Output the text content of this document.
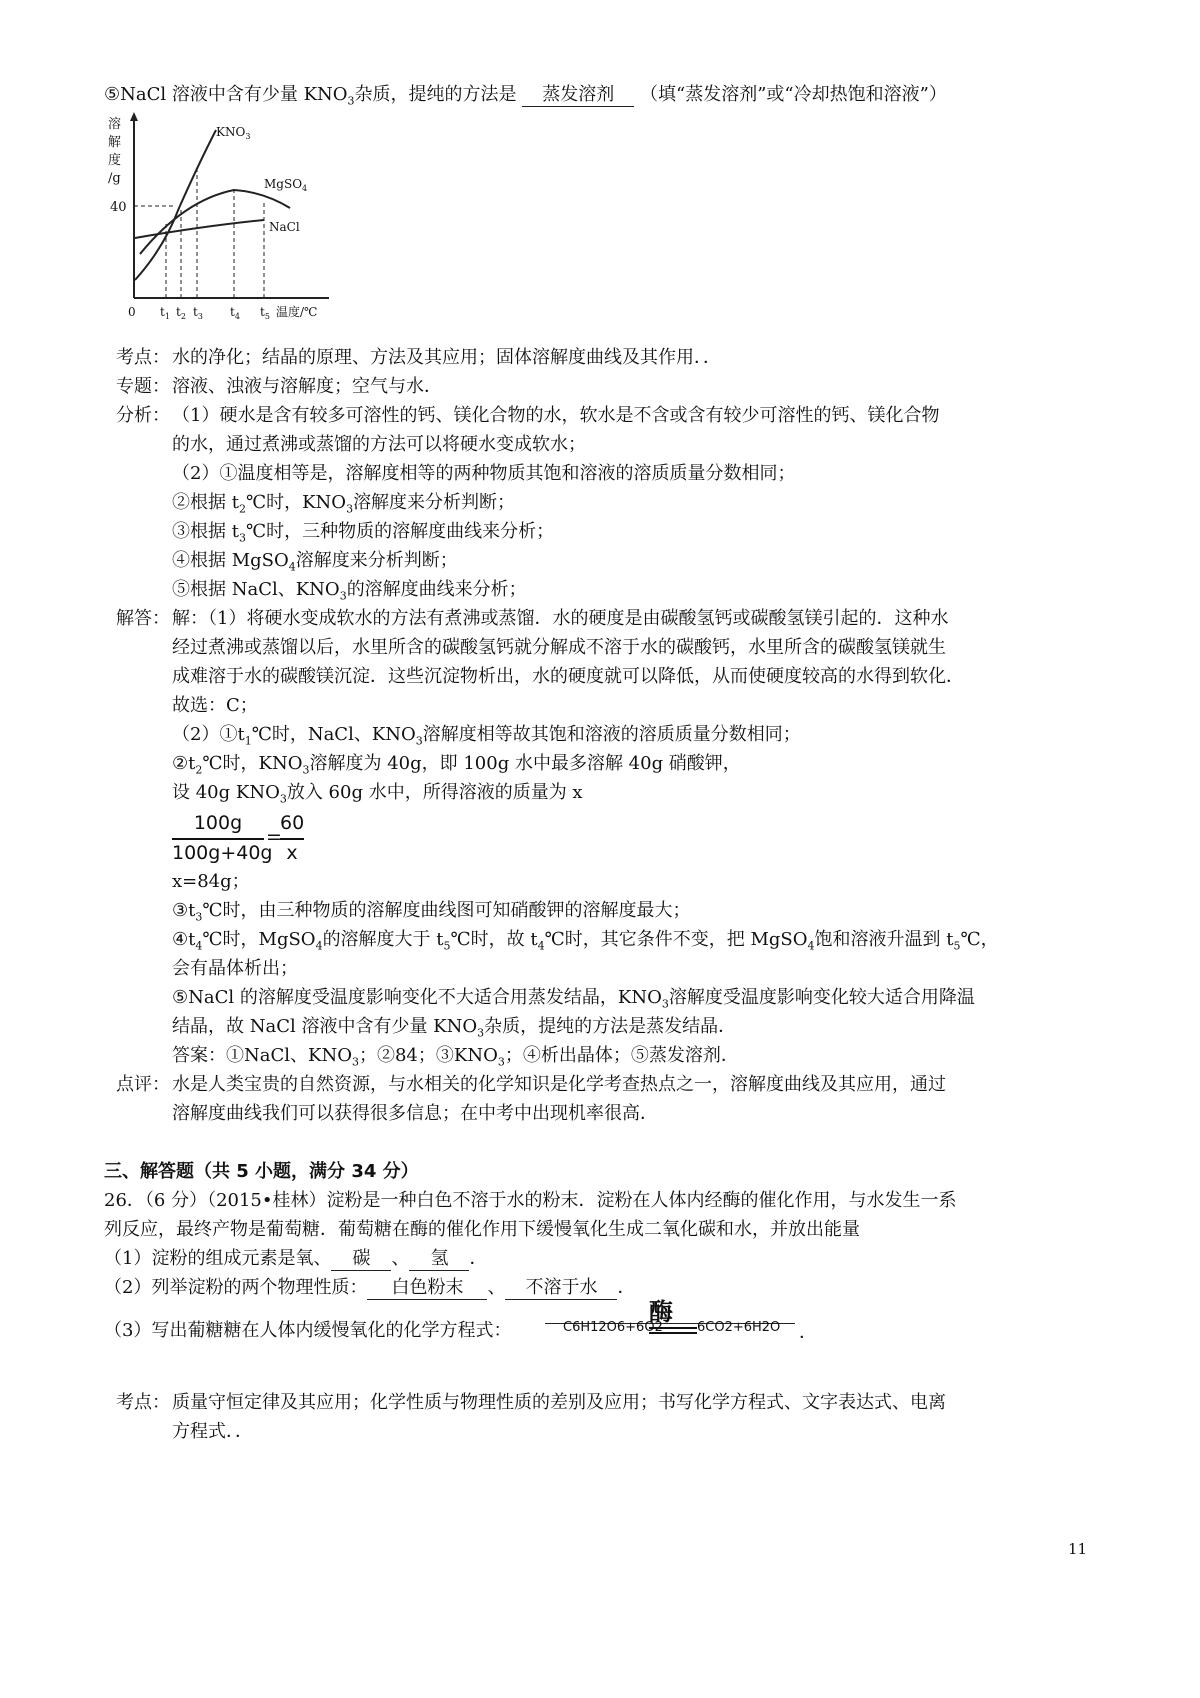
⑤NaCl 溶液中含有少量 $KNO_3$杂质，提纯的方法是 蒸发溶剂 （填“蒸发溶剂”或“冷却热饱和溶液”）
溶
解
度
/g
40
$KNO_3$
MgSO$_4$
NaCl
0 $t_1$ $t_2$ $t_3$ $t_4$ $t_5$ 温度/℃
考点： 水的净化；结晶的原理、方法及其应用；固体溶解度曲线及其作用．．
专题： 溶液、浊液与溶解度；空气与水．
分析： （1）硬水是含有较多可溶性的钙、镁化合物的水，软水是不含或含有较少可溶性的钙、镁化合物
的水，通过煮沸或蒸馏的方法可以将硬水变成软水；
（2）①温度相等是，溶解度相等的两种物质其饱和溶液的溶质质量分数相同；
②根据 $t_2℃$时，$KNO_3$溶解度来分析判断；
③根据 $t_3℃$时，三种物质的溶解度曲线来分析；
④根据 MgSO$_4$溶解度来分析判断；
⑤根据 NaCl、$KNO_3$的溶解度曲线来分析；
解答： 解：（1）将硬水变成软水的方法有煮沸或蒸馏．水的硬度是由碳酸氢钙或碳酸氢镁引起的．这种水
经过煮沸或蒸馏以后，水里所含的碳酸氢钙就分解成不溶于水的碳酸钙，水里所含的碳酸氢镁就生
成难溶于水的碳酸镁沉淀．这些沉淀物析出，水的硬度就可以降低，从而使硬度较高的水得到软化．
故选：C；
$(2)①t_1℃$时，NaCl、$KNO_3$溶解度相等故其饱和溶液的溶质质量分数相同；
$②t_2℃$时，$KNO_3$溶解度为 40g，即 100g 水中最多溶解 40g 硝酸钾，
设 40g $KNO_3$放入 60g 水中，所得溶液的质量为 x
100g
100g+40g
=
60
x
x=84g；
$③t_3℃$时，由三种物质的溶解度曲线图可知硝酸钾的溶解度最大；
$④t_4℃$时，MgSO$_4$的溶解度大于 $t_5℃$时，故 $t_4℃$时，其它条件不变，把 MgSO$_4$饱和溶液升温到 $t_5℃$，
会有晶体析出；
⑤NaCl 的溶解度受温度影响变化不大适合用蒸发结晶，$KNO_3$溶解度受温度影响变化较大适合用降温
结晶，故 NaCl 溶液中含有少量 $KNO_3$杂质，提纯的方法是蒸发结晶．
答案：①NaCl、$KNO_3$；②84；$③KNO_3$；④析出晶体；⑤蒸发溶剂．
点评： 水是人类宝贵的自然资源，与水相关的化学知识是化学考查热点之一，溶解度曲线及其应用，通过
溶解度曲线我们可以获得很多信息；在中考中出现机率很高．
三、解答题（共 5 小题，满分 34 分）
26．（6 分）（2015•桂林）淀粉是一种白色不溶于水的粉末．淀粉在人体内经酶的催化作用，与水发生一系
列反应，最终产物是葡萄糖．葡萄糖在酶的催化作用下缓慢氧化生成二氧化碳和水，并放出能量
（1）淀粉的组成元素是氧、 碳 、 氢 ．
（2）列举淀粉的两个物理性质： 白色粉末 、 不溶于水 ．
（3）写出葡糖糖在人体内缓慢氧化的化学方程式：	C6H12O6+6O2
酶
6CO2+6H2O ．
考点： 质量守恒定律及其应用；化学性质与物理性质的差别及应用；书写化学方程式、文字表达式、电离
方程式．．
11
